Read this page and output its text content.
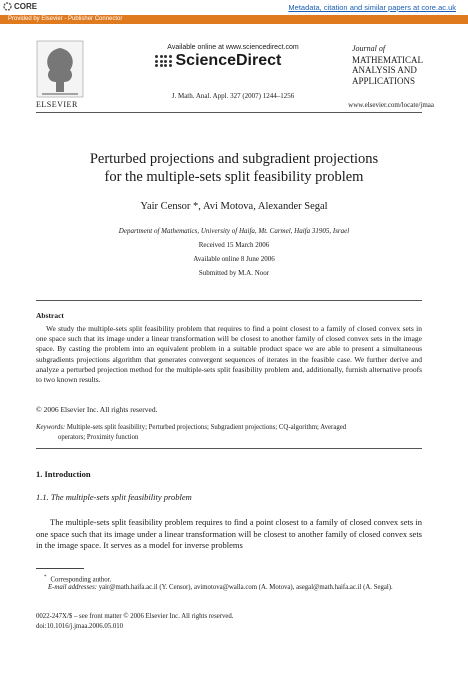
CORE	Metadata, citation and similar papers at core.ac.uk
Provided by Elsevier - Publisher Connector
ELSEVIER
Available online at www.sciencedirect.com
ScienceDirect
J. Math. Anal. Appl. 327 (2007) 1244–1256
Journal of
MATHEMATICAL
ANALYSIS AND
APPLICATIONS
www.elsevier.com/locate/jmaa
Perturbed projections and subgradient projections
for the multiple-sets split feasibility problem
Yair Censor *, Avi Motova, Alexander Segal
Department of Mathematics, University of Haifa, Mt. Carmel, Haifa 31905, Israel
Received 15 March 2006
Available online 8 June 2006
Submitted by M.A. Noor
Abstract
We study the multiple-sets split feasibility problem that requires to find a point closest to a family of closed convex sets in one space such that its image under a linear transformation will be closest to another family of closed convex sets in the image space. By casting the problem into an equivalent problem in a suitable product space we are able to present a simultaneous subgradients projections algorithm that generates convergent sequences of iterates in the feasible case. We further derive and analyze a perturbed projection method for the multiple-sets split feasibility problem and, additionally, furnish alternative proofs to two known results.
© 2006 Elsevier Inc. All rights reserved.
Keywords: Multiple-sets split feasibility; Perturbed projections; Subgradient projections; CQ-algorithm; Averaged
operators; Proximity function
1. Introduction
1.1. The multiple-sets split feasibility problem
The multiple-sets split feasibility problem requires to find a point closest to a family of closed convex sets in one space such that its image under a linear transformation will be closest to another family of closed convex sets in the image space. It serves as a model for inverse problems
* Corresponding author.
E-mail addresses: yair@math.haifa.ac.il (Y. Censor), avimotova@walla.com (A. Motova), asegal@math.haifa.ac.il (A. Segal).
0022-247X/$ – see front matter © 2006 Elsevier Inc. All rights reserved.
doi:10.1016/j.jmaa.2006.05.010
